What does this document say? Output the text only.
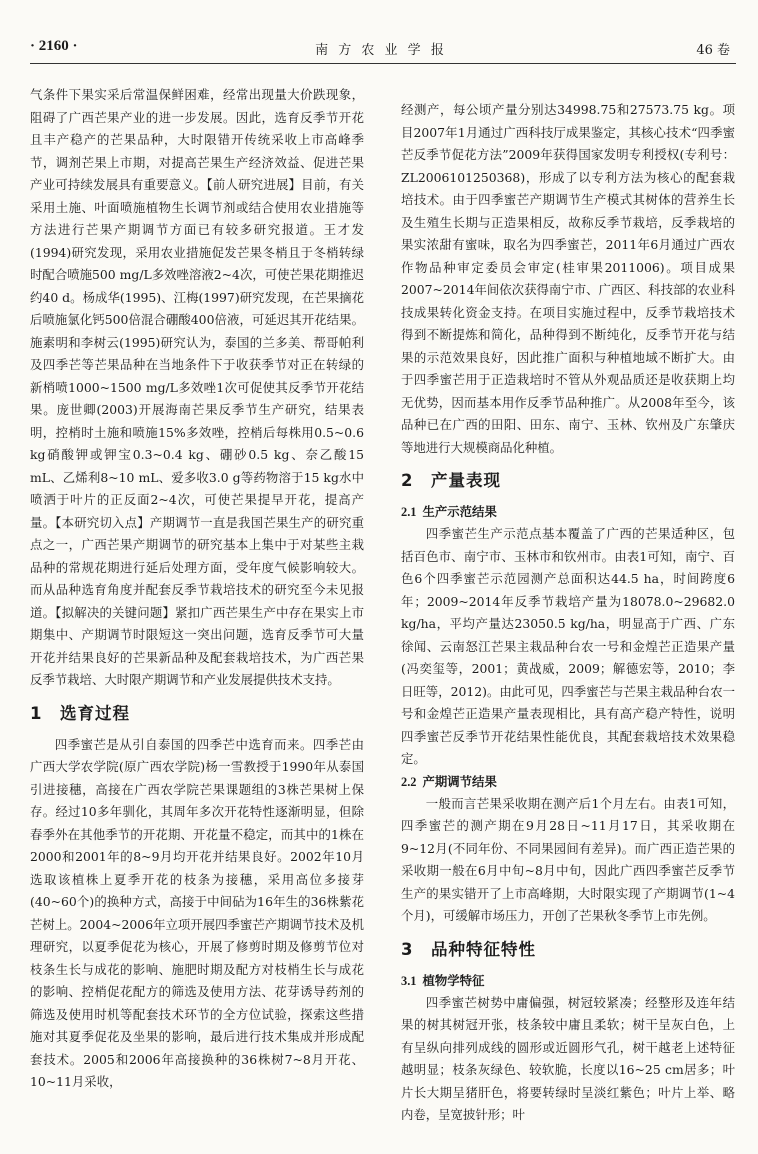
· 2160 ·	南 方 农 业 学 报	46 卷

气条件下果实采后常温保鲜困难，经常出现量大价跌现象，阻碍了广西芒果产业的进一步发展。因此，选育反季节开花且丰产稳产的芒果品种，大时限错开传统采收上市高峰季节，调剂芒果上市期，对提高芒果生产经济效益、促进芒果产业可持续发展具有重要意义。【前人研究进展】目前，有关采用土施、叶面喷施植物生长调节剂或结合使用农业措施等方法进行芒果产期调节方面已有较多研究报道。王才发(1994)研究发现，采用农业措施促发芒果冬梢且于冬梢转绿时配合喷施500 mg/L多效唑溶液2~4次，可使芒果花期推迟约40 d。杨成华(1995)、江梅(1997)研究发现，在芒果摘花后喷施氯化钙500倍混合硼酸400倍液，可延迟其开花结果。施素明和李树云(1995)研究认为，泰国的兰多美、帮哥帕利及四季芒等芒果品种在当地条件下于收获季节对正在转绿的新梢喷1000~1500 mg/L多效唑1次可促使其反季节开花结果。庞世卿(2003)开展海南芒果反季节生产研究，结果表明，控梢时土施和喷施15%多效唑，控梢后每株用0.5~0.6 kg硝酸钾或钾宝0.3~0.4 kg、硼砂0.5 kg、奈乙酸15 mL、乙烯利8~10 mL、爱多收3.0 g等药物溶于15 kg水中喷洒于叶片的正反面2~4次，可使芒果提早开花，提高产量。【本研究切入点】产期调节一直是我国芒果生产的研究重点之一，广西芒果产期调节的研究基本上集中于对某些主栽品种的常规花期进行延后处理方面，受年度气候影响较大。而从品种选育角度并配套反季节栽培技术的研究至今未见报道。【拟解决的关键问题】紧扣广西芒果生产中存在果实上市期集中、产期调节时限短这一突出问题，选育反季节可大量开花并结果良好的芒果新品种及配套栽培技术，为广西芒果反季节栽培、大时限产期调节和产业发展提供技术支持。

1　选育过程

四季蜜芒是从引自泰国的四季芒中选育而来。四季芒由广西大学农学院(原广西农学院)杨一雪教授于1990年从泰国引进接穗，高接在广西农学院芒果课题组的3株芒果树上保存。经过10多年驯化，其周年多次开花特性逐渐明显，但除春季外在其他季节的开花期、开花量不稳定，而其中的1株在2000和2001年的8~9月均开花并结果良好。2002年10月选取该植株上夏季开花的枝条为接穗，采用高位多接芽(40~60个)的换种方式，高接于中间砧为16年生的36株紫花芒树上。2004~2006年立项开展四季蜜芒产期调节技术及机理研究，以夏季促花为核心，开展了修剪时期及修剪节位对枝条生长与成花的影响、施肥时期及配方对枝梢生长与成花的影响、控梢促花配方的筛选及使用方法、花芽诱导药剂的筛选及使用时机等配套技术环节的全方位试验，探索这些措施对其夏季促花及坐果的影响，最后进行技术集成并形成配套技术。2005和2006年高接换种的36株树7~8月开花、10~11月采收，

经测产，每公顷产量分别达34998.75和27573.75 kg。项目2007年1月通过广西科技厅成果鉴定，其核心技术“四季蜜芒反季节促花方法”2009年获得国家发明专利授权(专利号：ZL2006101250368)，形成了以专利方法为核心的配套栽培技术。由于四季蜜芒产期调节生产模式其树体的营养生长及生殖生长期与正造果相反，故称反季节栽培，反季栽培的果实浓甜有蜜味，取名为四季蜜芒，2011年6月通过广西农作物品种审定委员会审定(桂审果2011006)。项目成果2007~2014年间依次获得南宁市、广西区、科技部的农业科技成果转化资金支持。在项目实施过程中，反季节栽培技术得到不断提炼和简化，品种得到不断纯化，反季节开花与结果的示范效果良好，因此推广面积与种植地域不断扩大。由于四季蜜芒用于正造栽培时不管从外观品质还是收获期上均无优势，因而基本用作反季节品种推广。从2008年至今，该品种已在广西的田阳、田东、南宁、玉林、钦州及广东肇庆等地进行大规模商品化种植。

2　产量表现
2.1 生产示范结果

四季蜜芒生产示范点基本覆盖了广西的芒果适种区，包括百色市、南宁市、玉林市和钦州市。由表1可知，南宁、百色6个四季蜜芒示范园测产总面积达44.5 ha，时间跨度6年；2009~2014年反季节栽培产量为18078.0~29682.0 kg/ha，平均产量达23050.5 kg/ha，明显高于广西、广东徐闻、云南怒江芒果主栽品种台农一号和金煌芒正造果产量(冯奕玺等，2001；黄战威，2009；解德宏等，2010；李日旺等，2012)。由此可见，四季蜜芒与芒果主栽品种台农一号和金煌芒正造果产量表现相比，具有高产稳产特性，说明四季蜜芒反季节开花结果性能优良，其配套栽培技术效果稳定。

2.2 产期调节结果

一般而言芒果采收期在测产后1个月左右。由表1可知，四季蜜芒的测产期在9月28日~11月17日，其采收期在9~12月(不同年份、不同果园间有差异)。而广西正造芒果的采收期一般在6月中旬~8月中旬，因此广西四季蜜芒反季节生产的果实错开了上市高峰期，大时限实现了产期调节(1~4个月)，可缓解市场压力，开创了芒果秋冬季节上市先例。

3　品种特征特性
3.1 植物学特征

四季蜜芒树势中庸偏强，树冠较紧凑；经整形及连年结果的树其树冠开张，枝条较中庸且柔软；树干呈灰白色，上有呈纵向排列成线的圆形或近圆形气孔，树干越老上述特征越明显；枝条灰绿色、较软脆，长度以16~25 cm居多；叶片长大期呈猪肝色，将要转绿时呈淡红紫色；叶片上举、略内卷，呈宽披针形；叶
